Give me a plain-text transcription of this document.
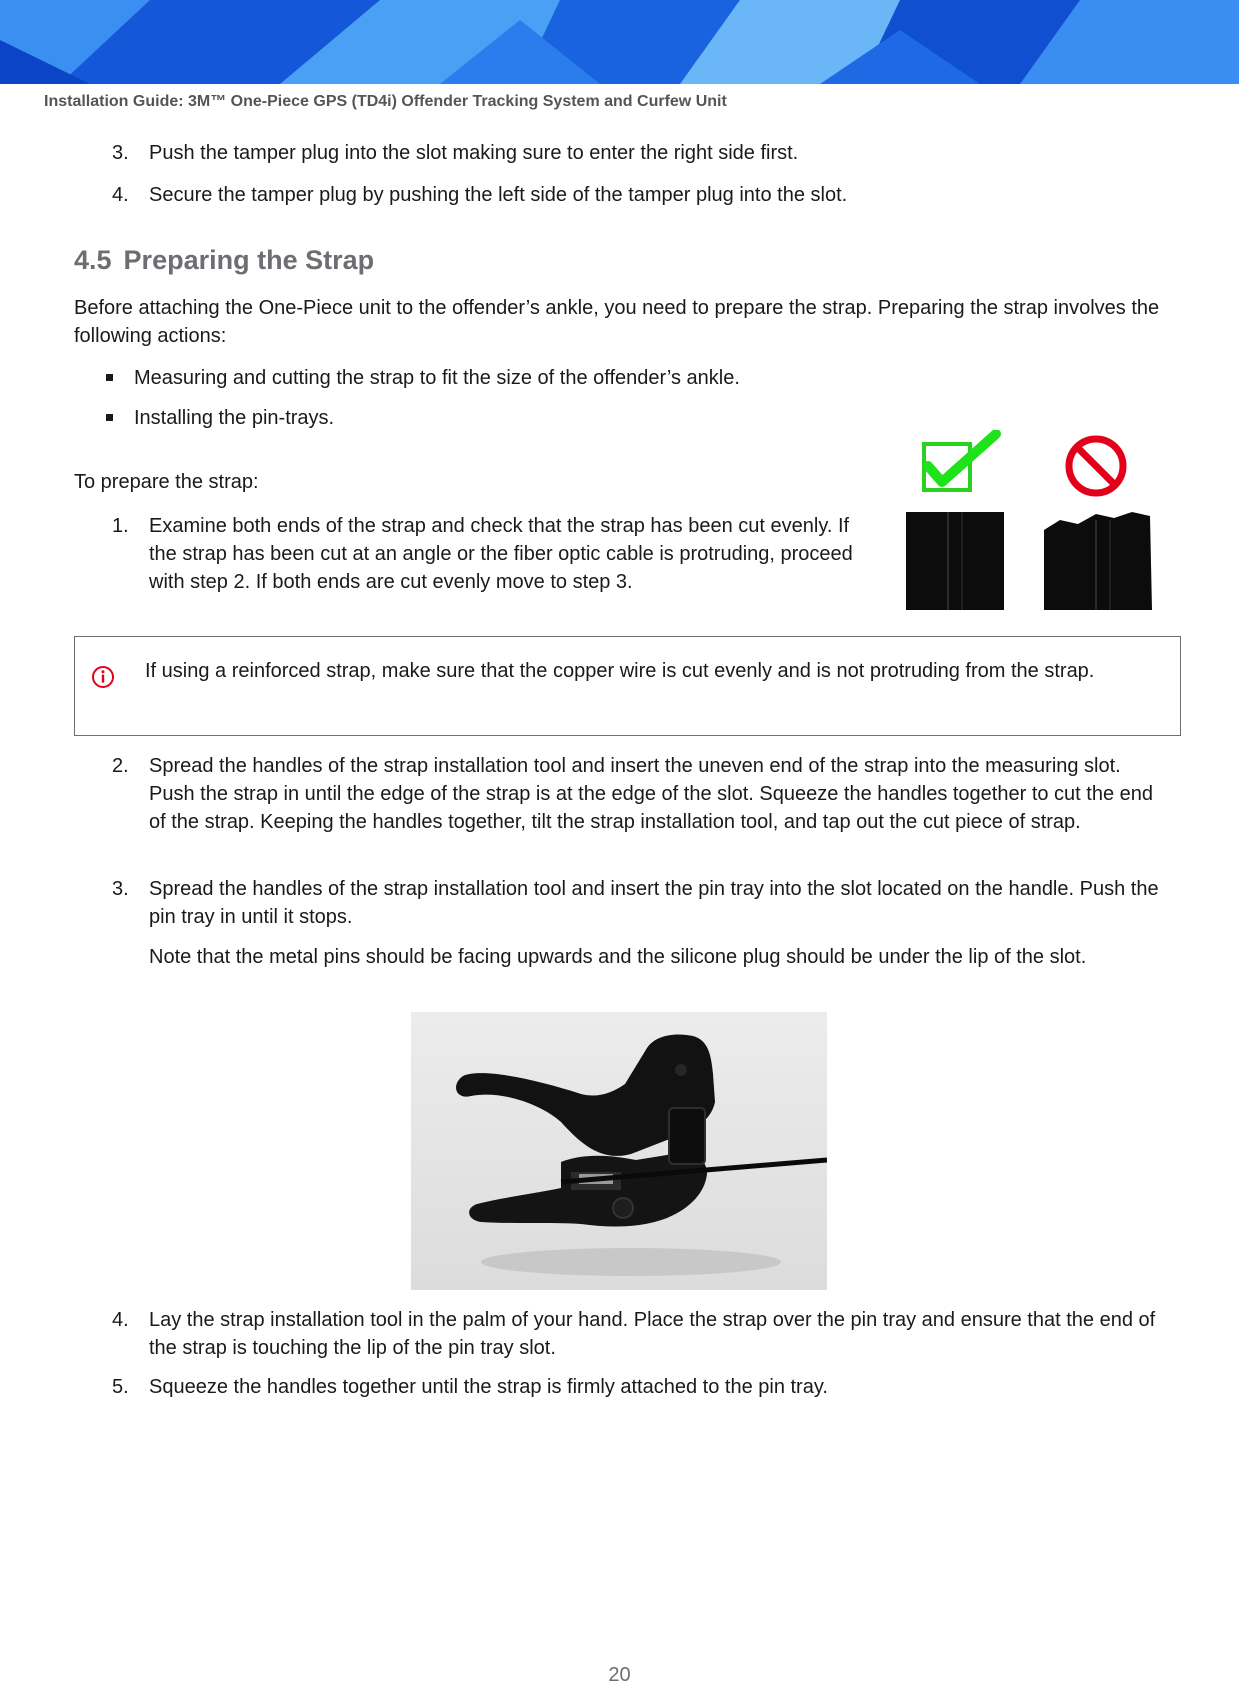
Installation Guide: 3M™ One-Piece GPS (TD4i) Offender Tracking System and Curfew Unit
3.	Push the tamper plug into the slot making sure to enter the right side first.
4.	Secure the tamper plug by pushing the left side of the tamper plug into the slot.
4.5 Preparing the Strap
Before attaching the One-Piece unit to the offender’s ankle, you need to prepare the strap. Preparing the strap involves the following actions:
Measuring and cutting the strap to fit the size of the offender’s ankle.
Installing the pin-trays.
To prepare the strap:
1.	Examine both ends of the strap and check that the strap has been cut evenly. If the strap has been cut at an angle or the fiber optic cable is protruding, proceed with step 2. If both ends are cut evenly move to step 3.
If using a reinforced strap, make sure that the copper wire is cut evenly and is not protruding from the strap.
2.	Spread the handles of the strap installation tool and insert the uneven end of the strap into the measuring slot. Push the strap in until the edge of the strap is at the edge of the slot. Squeeze the handles together to cut the end of the strap. Keeping the handles together, tilt the strap installation tool, and tap out the cut piece of strap.
3.	Spread the handles of the strap installation tool and insert the pin tray into the slot located on the handle. Push the pin tray in until it stops.
Note that the metal pins should be facing upwards and the silicone plug should be under the lip of the slot.
4.	Lay the strap installation tool in the palm of your hand. Place the strap over the pin tray and ensure that the end of the strap is touching the lip of the pin tray slot.
5.	Squeeze the handles together until the strap is firmly attached to the pin tray.
20
